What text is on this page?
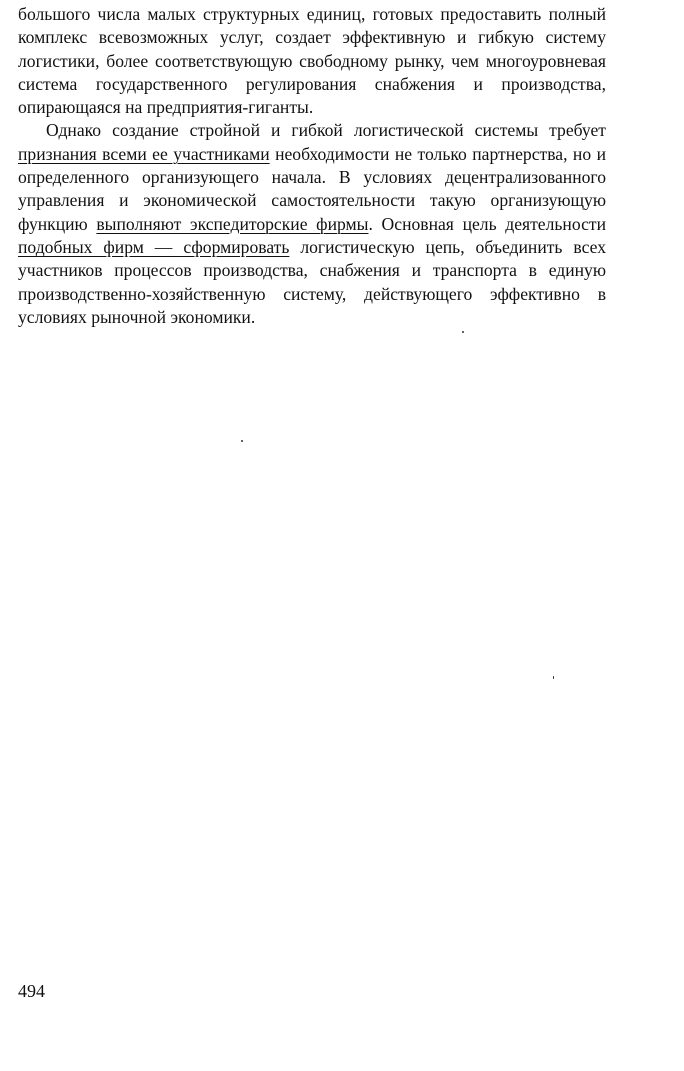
большого числа малых структурных единиц, готовых предоставить полный комплекс всевозможных услуг, создает эффективную и гибкую систему логистики, более соответствующую свободному рынку, чем многоуровневая система государственного регулирования снабжения и производства, опирающаяся на предприятия-гиганты.

Однако создание стройной и гибкой логистической системы требует признания всеми ее участниками необходимости не только партнерства, но и определенного организующего начала. В условиях децентрализованного управления и экономической самостоятельности такую организующую функцию выполняют экспедиторские фирмы. Основная цель деятельности подобных фирм — сформировать логистическую цепь, объединить всех участников процессов производства, снабжения и транспорта в единую производственно-хозяйственную систему, действующего эффективно в условиях рыночной экономики.

494
